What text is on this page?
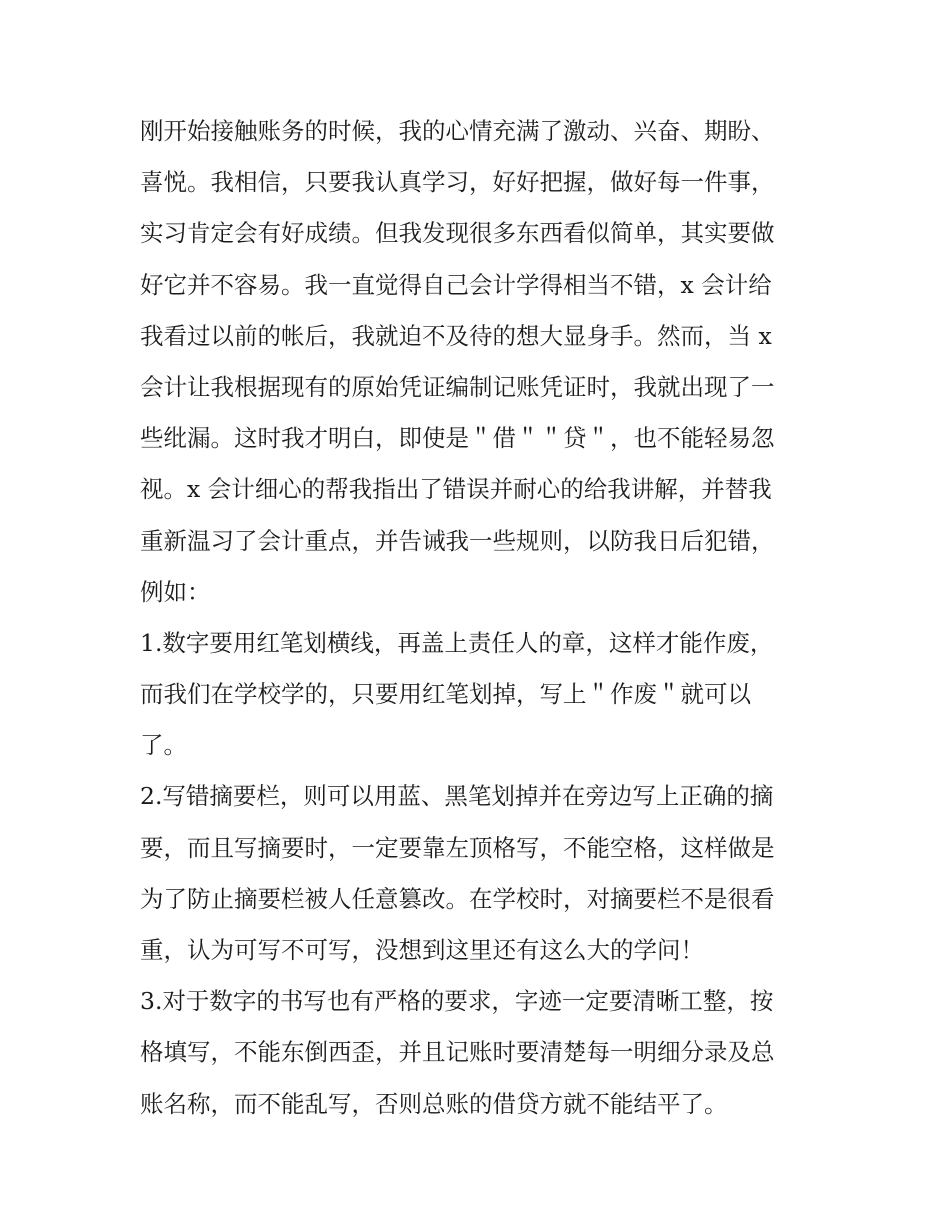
刚开始接触账务的时候，我的心情充满了激动、兴奋、期盼、
喜悦。我相信，只要我认真学习，好好把握，做好每一件事，
实习肯定会有好成绩。但我发现很多东西看似简单，其实要做
好它并不容易。我一直觉得自己会计学得相当不错，x 会计给
我看过以前的帐后，我就迫不及待的想大显身手。然而，当 x
会计让我根据现有的原始凭证编制记账凭证时，我就出现了一
些纰漏。这时我才明白，即使是＂借＂＂贷＂，也不能轻易忽
视。x 会计细心的帮我指出了错误并耐心的给我讲解，并替我
重新温习了会计重点，并告诫我一些规则，以防我日后犯错，
例如：
1.数字要用红笔划横线，再盖上责任人的章，这样才能作废，
而我们在学校学的，只要用红笔划掉，写上＂作废＂就可以
了。
2.写错摘要栏，则可以用蓝、黑笔划掉并在旁边写上正确的摘
要，而且写摘要时，一定要靠左顶格写，不能空格，这样做是
为了防止摘要栏被人任意篡改。在学校时，对摘要栏不是很看
重，认为可写不可写，没想到这里还有这么大的学问！
3.对于数字的书写也有严格的要求，字迹一定要清晰工整，按
格填写，不能东倒西歪，并且记账时要清楚每一明细分录及总
账名称，而不能乱写，否则总账的借贷方就不能结平了。
